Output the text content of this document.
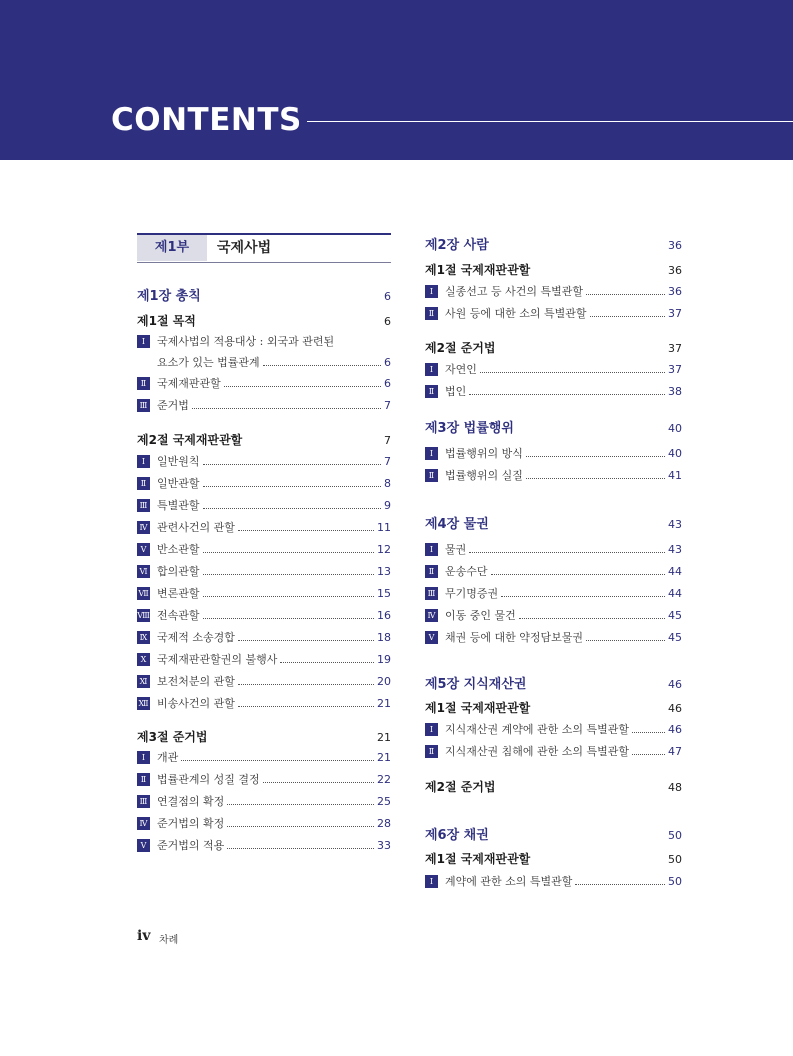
CONTENTS
제1부	국제사법
제1장 총칙	6
제1절 목적	6
Ⅰ	국제사법의 적용대상 : 외국과 관련된
요소가 있는 법률관계	6
Ⅱ 국제재판관할	6
Ⅲ 준거법	7
제2절 국제재판관할	7
Ⅰ	일반원칙	7
Ⅱ 일반관할	8
Ⅲ 특별관할	9
Ⅳ 관련사건의 관할	11
Ⅴ 반소관할	12
Ⅵ 합의관할	13
Ⅶ 변론관할	15
Ⅷ 전속관할	16
Ⅸ 국제적 소송경합	18
Ⅹ 국제재판관할권의 불행사	19
Ⅺ 보전처분의 관할	20
Ⅻ 비송사건의 관할	21
제3절 준거법	21
Ⅰ	개관	21
Ⅱ 법률관계의 성질 결정	22
Ⅲ 연결점의 확정	25
Ⅳ 준거법의 확정	28
Ⅴ 준거법의 적용	33
제2장 사람	36
제1절 국제재판관할	36
Ⅰ	실종선고 등 사건의 특별관할	36
Ⅱ 사원 등에 대한 소의 특별관할	37
제2절 준거법	37
Ⅰ	자연인	37
Ⅱ 법인	38
제3장 법률행위	40
Ⅰ	법률행위의 방식	40
Ⅱ 법률행위의 실질	41
제4장 물권	43
Ⅰ	물권	43
Ⅱ 운송수단	44
Ⅲ 무기명증권	44
Ⅳ 이동 중인 물건	45
Ⅴ 채권 등에 대한 약정담보물권	45
제5장 지식재산권	46
제1절 국제재판관할	46
Ⅰ	지식재산권 계약에 관한 소의 특별관할	46
Ⅱ 지식재산권 침해에 관한 소의 특별관할	47
제2절 준거법	48
제6장 채권	50
제1절 국제재판관할	50
Ⅰ	계약에 관한 소의 특별관할	50
iv 차례
